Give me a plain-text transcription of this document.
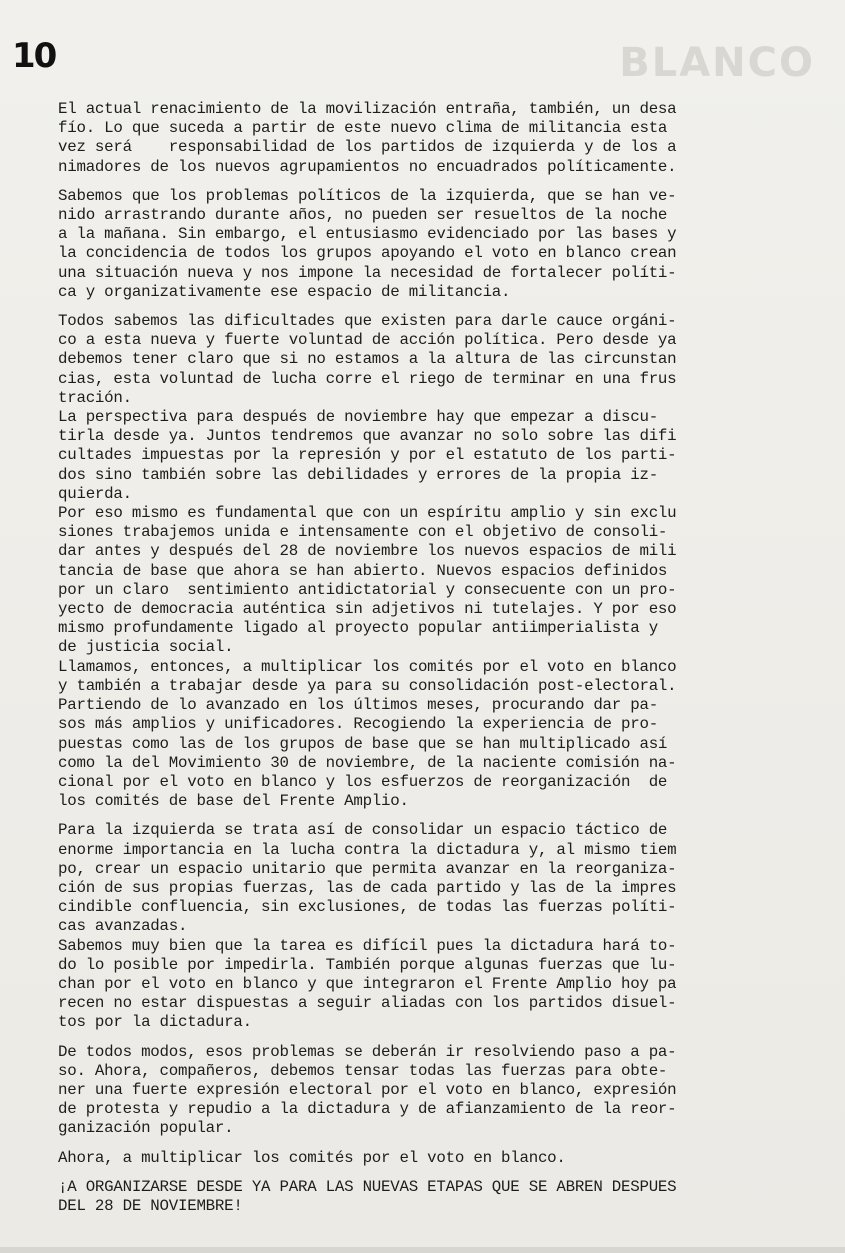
10	BLANCO
El actual renacimiento de la movilización entraña, también, un desa
fío. Lo que suceda a partir de este nuevo clima de militancia esta
vez será    responsabilidad de los partidos de izquierda y de los a
nimadores de los nuevos agrupamientos no encuadrados políticamente.
Sabemos que los problemas políticos de la izquierda, que se han ve-
nido arrastrando durante años, no pueden ser resueltos de la noche
a la mañana. Sin embargo, el entusiasmo evidenciado por las bases y
la concidencia de todos los grupos apoyando el voto en blanco crean
una situación nueva y nos impone la necesidad de fortalecer políti-
ca y organizativamente ese espacio de militancia.
Todos sabemos las dificultades que existen para darle cauce orgáni-
co a esta nueva y fuerte voluntad de acción política. Pero desde ya
debemos tener claro que si no estamos a la altura de las circunstan
cias, esta voluntad de lucha corre el riego de terminar en una frus
tración.
La perspectiva para después de noviembre hay que empezar a discu-
tirla desde ya. Juntos tendremos que avanzar no solo sobre las difi
cultades impuestas por la represión y por el estatuto de los parti-
dos sino también sobre las debilidades y errores de la propia iz-
quierda.
Por eso mismo es fundamental que con un espíritu amplio y sin exclu
siones trabajemos unida e intensamente con el objetivo de consoli-
dar antes y después del 28 de noviembre los nuevos espacios de mili
tancia de base que ahora se han abierto. Nuevos espacios definidos
por un claro  sentimiento antidictatorial y consecuente con un pro-
yecto de democracia auténtica sin adjetivos ni tutelajes. Y por eso
mismo profundamente ligado al proyecto popular antiimperialista y
de justicia social.
Llamamos, entonces, a multiplicar los comités por el voto en blanco
y también a trabajar desde ya para su consolidación post-electoral.
Partiendo de lo avanzado en los últimos meses, procurando dar pa-
sos más amplios y unificadores. Recogiendo la experiencia de pro-
puestas como las de los grupos de base que se han multiplicado así
como la del Movimiento 30 de noviembre, de la naciente comisión na-
cional por el voto en blanco y los esfuerzos de reorganización  de
los comités de base del Frente Amplio.
Para la izquierda se trata así de consolidar un espacio táctico de
enorme importancia en la lucha contra la dictadura y, al mismo tiem
po, crear un espacio unitario que permita avanzar en la reorganiza-
ción de sus propias fuerzas, las de cada partido y las de la impres
cindible confluencia, sin exclusiones, de todas las fuerzas políti-
cas avanzadas.
Sabemos muy bien que la tarea es difícil pues la dictadura hará to-
do lo posible por impedirla. También porque algunas fuerzas que lu-
chan por el voto en blanco y que integraron el Frente Amplio hoy pa
recen no estar dispuestas a seguir aliadas con los partidos disuel-
tos por la dictadura.
De todos modos, esos problemas se deberán ir resolviendo paso a pa-
so. Ahora, compañeros, debemos tensar todas las fuerzas para obte-
ner una fuerte expresión electoral por el voto en blanco, expresión
de protesta y repudio a la dictadura y de afianzamiento de la reor-
ganización popular.
Ahora, a multiplicar los comités por el voto en blanco.
¡A ORGANIZARSE DESDE YA PARA LAS NUEVAS ETAPAS QUE SE ABREN DESPUES
DEL 28 DE NOVIEMBRE!
